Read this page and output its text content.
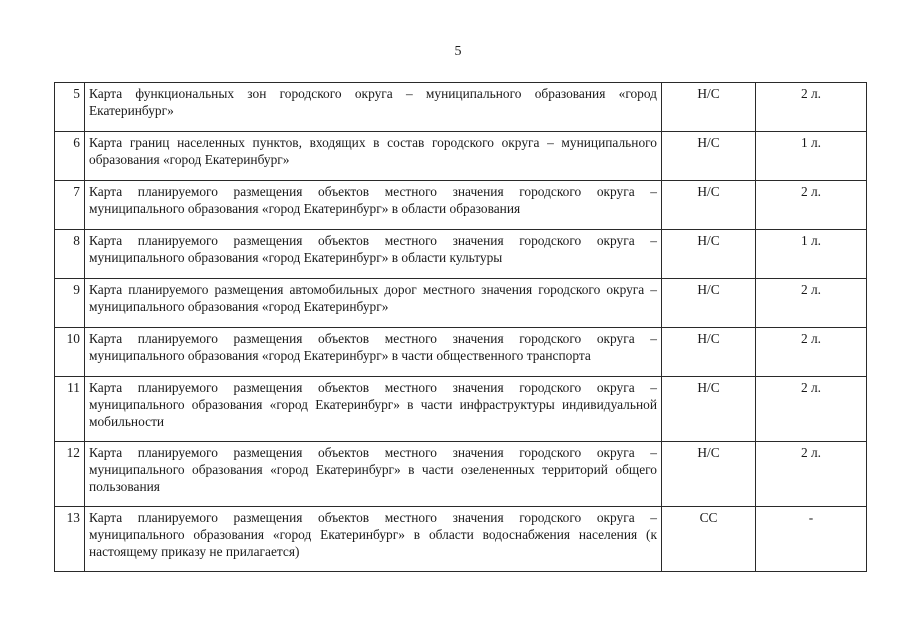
5
5	Карта функциональных зон городского округа – муниципального образования «город Екатеринбург»	Н/С	2 л.
6	Карта границ населенных пунктов, входящих в состав городского округа – муниципального образования «город Екатеринбург»	Н/С	1 л.
7	Карта планируемого размещения объектов местного значения городского округа – муниципального образования «город Екатеринбург» в области образования	Н/С	2 л.
8	Карта планируемого размещения объектов местного значения городского округа – муниципального образования «город Екатеринбург» в области культуры	Н/С	1 л.
9	Карта планируемого размещения автомобильных дорог местного значения городского округа – муниципального образования «город Екатеринбург»	Н/С	2 л.
10	Карта планируемого размещения объектов местного значения городского округа – муниципального образования «город Екатеринбург» в части общественного транспорта	Н/С	2 л.
11	Карта планируемого размещения объектов местного значения городского округа – муниципального образования «город Екатеринбург» в части инфраструктуры индивидуальной мобильности	Н/С	2 л.
12	Карта планируемого размещения объектов местного значения городского округа – муниципального образования «город Екатеринбург» в части озелененных территорий общего пользования	Н/С	2 л.
13	Карта планируемого размещения объектов местного значения городского округа – муниципального образования «город Екатеринбург» в области водоснабжения населения (к настоящему приказу не прилагается)	СС	-
